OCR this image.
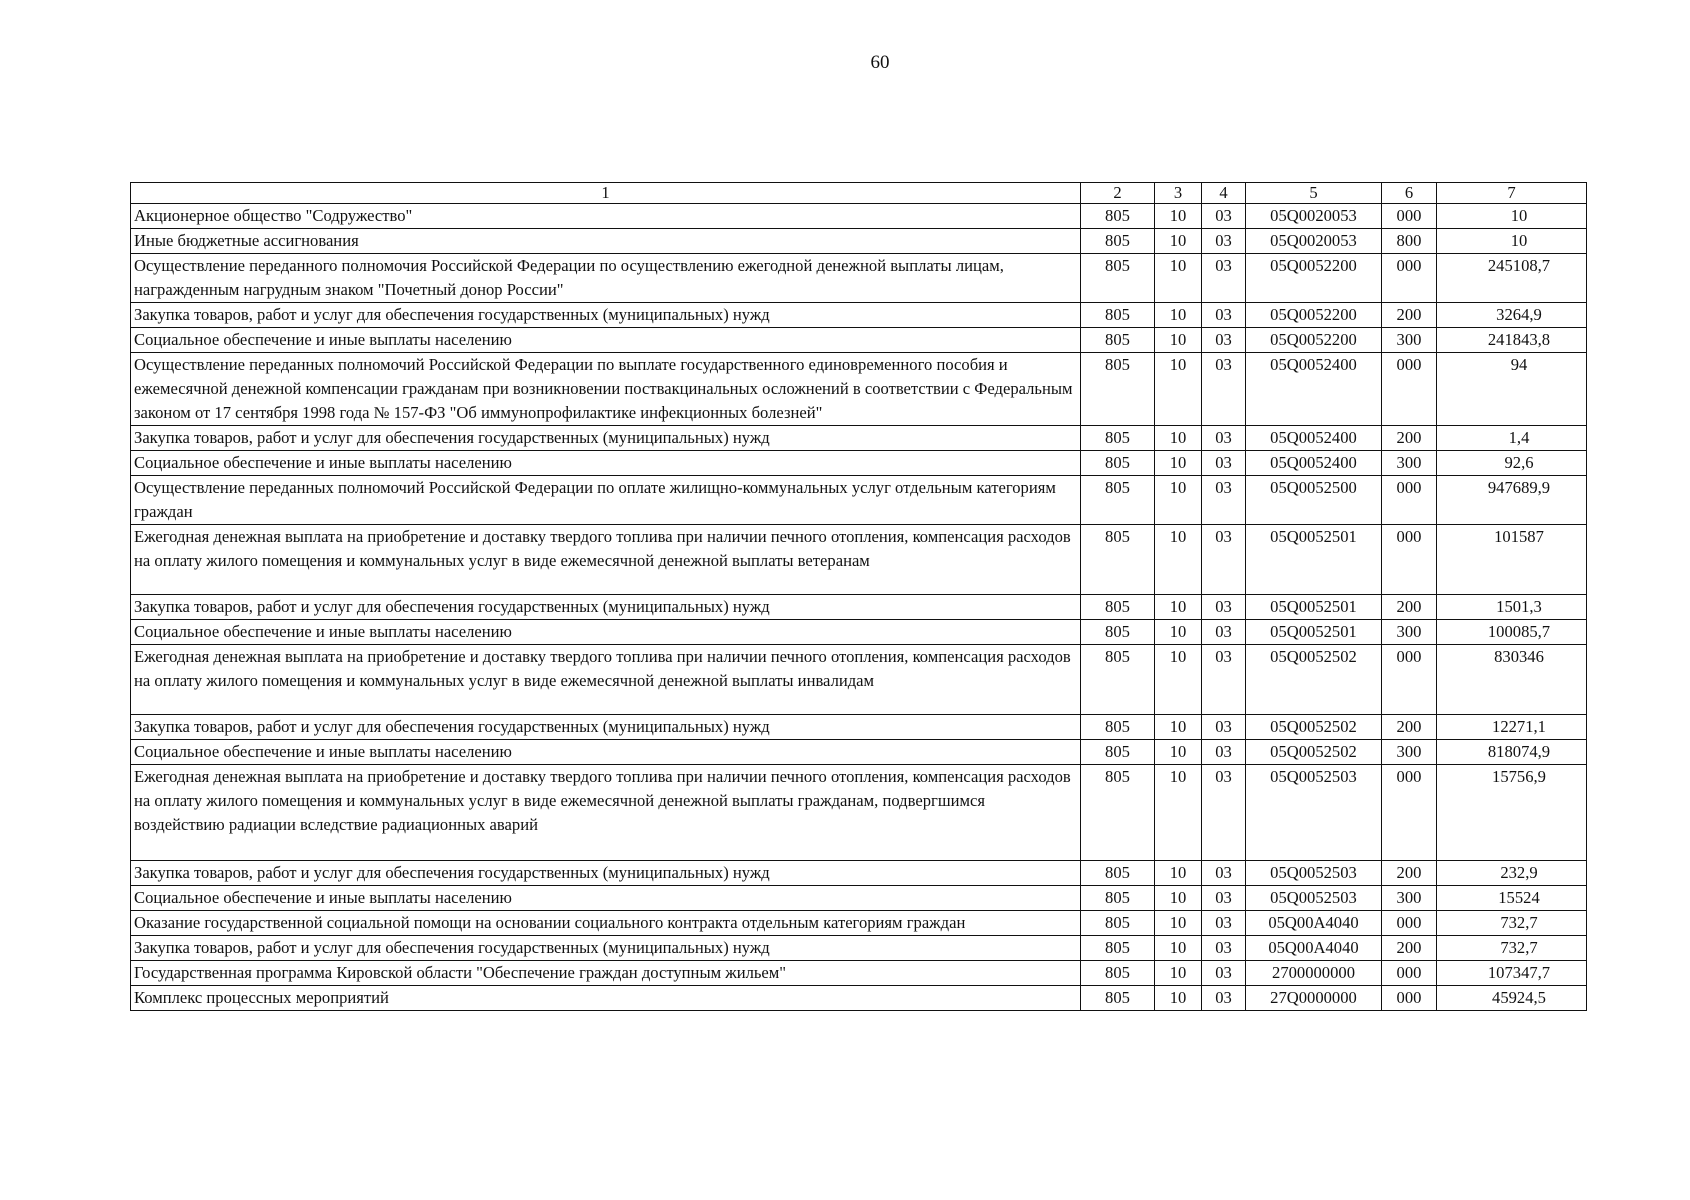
60
1	2	3	4	5	6	7
Акционерное общество "Содружество"	805	10	03	05Q0020053	000	10
Иные бюджетные ассигнования	805	10	03	05Q0020053	800	10
Осуществление переданного полномочия Российской Федерации по осуществлению ежегодной денежной выплаты лицам, награжденным нагрудным знаком "Почетный донор России"	805	10	03	05Q0052200	000	245108,7
Закупка товаров, работ и услуг для обеспечения государственных (муниципальных) нужд	805	10	03	05Q0052200	200	3264,9
Социальное обеспечение и иные выплаты населению	805	10	03	05Q0052200	300	241843,8
Осуществление переданных полномочий Российской Федерации по выплате государственного единовременного пособия и ежемесячной денежной компенсации гражданам при возникновении поствакцинальных осложнений в соответствии с Федеральным законом от 17 сентября 1998 года № 157-ФЗ "Об иммунопрофилактике инфекционных болезней"	805	10	03	05Q0052400	000	94
Закупка товаров, работ и услуг для обеспечения государственных (муниципальных) нужд	805	10	03	05Q0052400	200	1,4
Социальное обеспечение и иные выплаты населению	805	10	03	05Q0052400	300	92,6
Осуществление переданных полномочий Российской Федерации по оплате жилищно-коммунальных услуг отдельным категориям граждан	805	10	03	05Q0052500	000	947689,9
Ежегодная денежная выплата на приобретение и доставку твердого топлива при наличии печного отопления, компенсация расходов на оплату жилого помещения и коммунальных услуг в виде ежемесячной денежной выплаты ветеранам	805	10	03	05Q0052501	000	101587
Закупка товаров, работ и услуг для обеспечения государственных (муниципальных) нужд	805	10	03	05Q0052501	200	1501,3
Социальное обеспечение и иные выплаты населению	805	10	03	05Q0052501	300	100085,7
Ежегодная денежная выплата на приобретение и доставку твердого топлива при наличии печного отопления, компенсация расходов на оплату жилого помещения и коммунальных услуг в виде ежемесячной денежной выплаты инвалидам	805	10	03	05Q0052502	000	830346
Закупка товаров, работ и услуг для обеспечения государственных (муниципальных) нужд	805	10	03	05Q0052502	200	12271,1
Социальное обеспечение и иные выплаты населению	805	10	03	05Q0052502	300	818074,9
Ежегодная денежная выплата на приобретение и доставку твердого топлива при наличии печного отопления, компенсация расходов на оплату жилого помещения и коммунальных услуг в виде ежемесячной денежной выплаты гражданам, подвергшимся воздействию радиации вследствие радиационных аварий	805	10	03	05Q0052503	000	15756,9
Закупка товаров, работ и услуг для обеспечения государственных (муниципальных) нужд	805	10	03	05Q0052503	200	232,9
Социальное обеспечение и иные выплаты населению	805	10	03	05Q0052503	300	15524
Оказание государственной социальной помощи на основании социального контракта отдельным категориям граждан	805	10	03	05Q00A4040	000	732,7
Закупка товаров, работ и услуг для обеспечения государственных (муниципальных) нужд	805	10	03	05Q00A4040	200	732,7
Государственная программа Кировской области "Обеспечение граждан доступным жильем"	805	10	03	2700000000	000	107347,7
Комплекс процессных мероприятий	805	10	03	27Q0000000	000	45924,5
